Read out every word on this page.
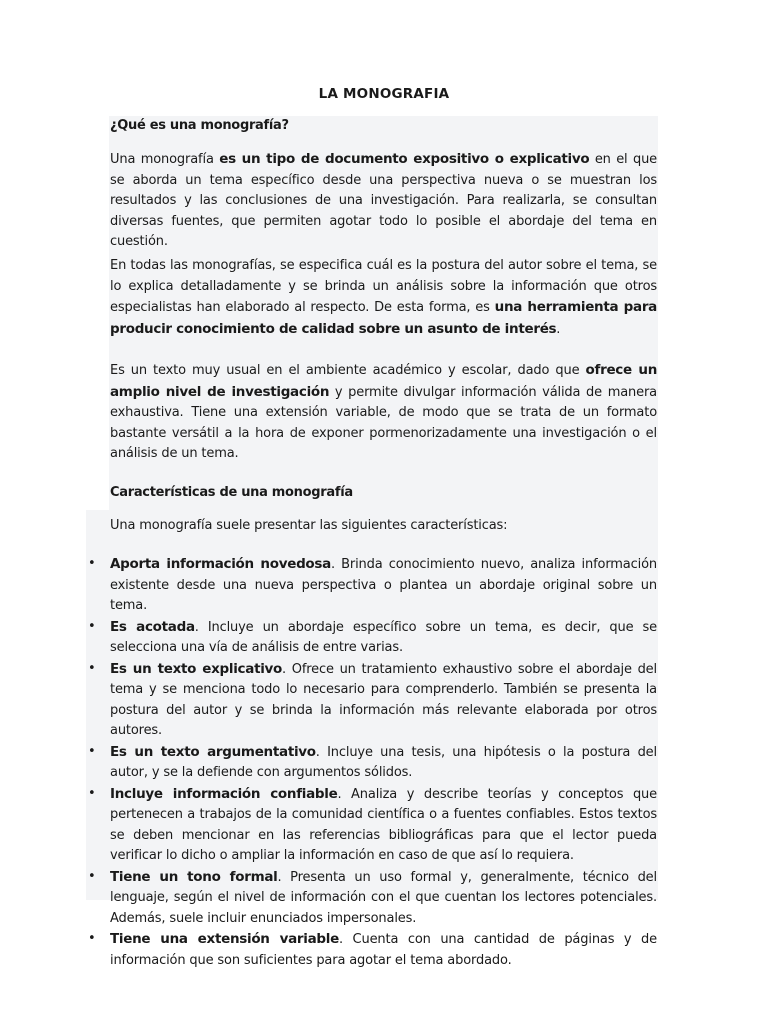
LA MONOGRAFIA

¿Qué es una monografía?

Una monografía es un tipo de documento expositivo o explicativo en el que se aborda un tema específico desde una perspectiva nueva o se muestran los resultados y las conclusiones de una investigación. Para realizarla, se consultan diversas fuentes, que permiten agotar todo lo posible el abordaje del tema en cuestión.

En todas las monografías, se especifica cuál es la postura del autor sobre el tema, se lo explica detalladamente y se brinda un análisis sobre la información que otros especialistas han elaborado al respecto. De esta forma, es una herramienta para producir conocimiento de calidad sobre un asunto de interés.

Es un texto muy usual en el ambiente académico y escolar, dado que ofrece un amplio nivel de investigación y permite divulgar información válida de manera exhaustiva. Tiene una extensión variable, de modo que se trata de un formato bastante versátil a la hora de exponer pormenorizadamente una investigación o el análisis de un tema.

Características de una monografía

Una monografía suele presentar las siguientes características:

• Aporta información novedosa. Brinda conocimiento nuevo, analiza información existente desde una nueva perspectiva o plantea un abordaje original sobre un tema.
• Es acotada. Incluye un abordaje específico sobre un tema, es decir, que se selecciona una vía de análisis de entre varias.
• Es un texto explicativo. Ofrece un tratamiento exhaustivo sobre el abordaje del tema y se menciona todo lo necesario para comprenderlo. También se presenta la postura del autor y se brinda la información más relevante elaborada por otros autores.
• Es un texto argumentativo. Incluye una tesis, una hipótesis o la postura del autor, y se la defiende con argumentos sólidos.
• Incluye información confiable. Analiza y describe teorías y conceptos que pertenecen a trabajos de la comunidad científica o a fuentes confiables. Estos textos se deben mencionar en las referencias bibliográficas para que el lector pueda verificar lo dicho o ampliar la información en caso de que así lo requiera.
• Tiene un tono formal. Presenta un uso formal y, generalmente, técnico del lenguaje, según el nivel de información con el que cuentan los lectores potenciales. Además, suele incluir enunciados impersonales.
• Tiene una extensión variable. Cuenta con una cantidad de páginas y de información que son suficientes para agotar el tema abordado.
